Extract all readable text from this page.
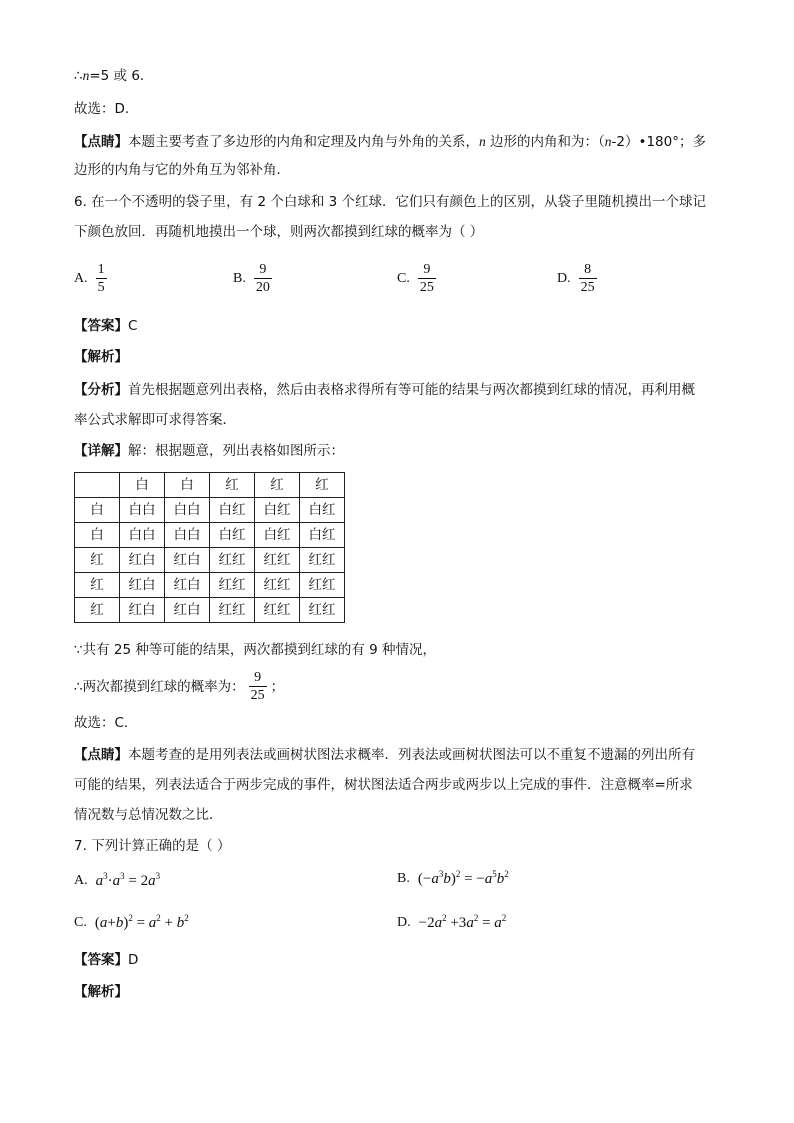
∴n=5 或 6．
故选：D．
【点睛】本题主要考查了多边形的内角和定理及内角与外角的关系，n 边形的内角和为：（n-2）•180°；多
边形的内角与它的外角互为邻补角．
6. 在一个不透明的袋子里，有 2 个白球和 3 个红球．它们只有颜色上的区别，从袋子里随机摸出一个球记
下颜色放回．再随机地摸出一个球，则两次都摸到红球的概率为（ ）
A. $\frac{1}{5}$	B. $\frac{9}{20}$	C. $\frac{9}{25}$	D. $\frac{8}{25}$
【答案】C
【解析】
【分析】首先根据题意列出表格，然后由表格求得所有等可能的结果与两次都摸到红球的情况，再利用概
率公式求解即可求得答案．
【详解】解：根据题意，列出表格如图所示：
	白	白	红	红	红
白	白白	白白	白红	白红	白红
白	白白	白白	白红	白红	白红
红	红白	红白	红红	红红	红红
红	红白	红白	红红	红红	红红
红	红白	红白	红红	红红	红红
∵共有 25 种等可能的结果，两次都摸到红球的有 9 种情况，
∴两次都摸到红球的概率为： $\frac{9}{25}$ ；
故选：C．
【点睛】本题考查的是用列表法或画树状图法求概率．列表法或画树状图法可以不重复不遗漏的列出所有
可能的结果，列表法适合于两步完成的事件，树状图法适合两步或两步以上完成的事件．注意概率=所求
情况数与总情况数之比．
7. 下列计算正确的是（ ）
A. $a^3\cdot a^3 = 2a^3$	B. $(-a^3b)^2 = -a^5b^2$
C. $(a+b)^2 = a^2 + b^2$	D. $-2a^2 +3a^2 = a^2$
【答案】D
【解析】
